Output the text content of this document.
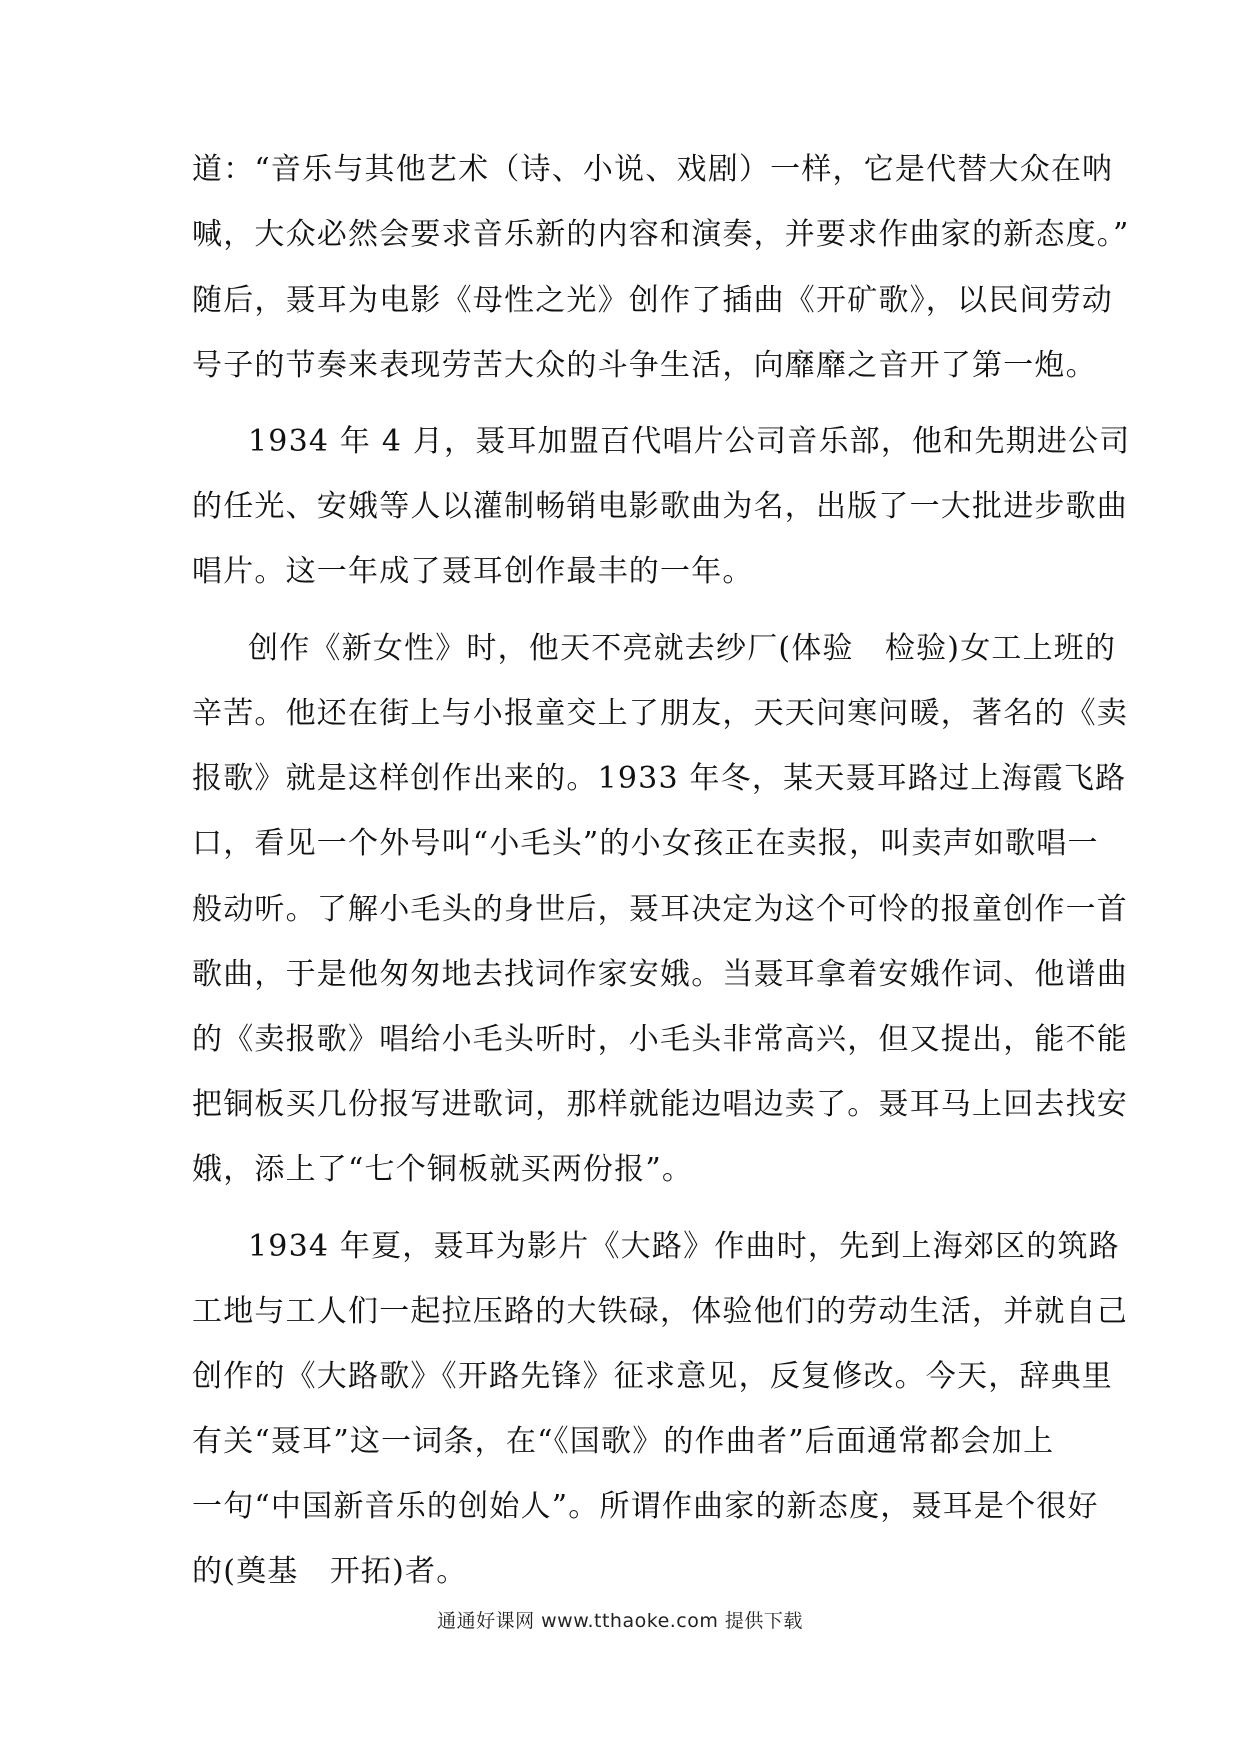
道：“音乐与其他艺术（诗、小说、戏剧）一样，它是代替大众在呐
喊，大众必然会要求音乐新的内容和演奏，并要求作曲家的新态度。”
随后，聂耳为电影《母性之光》创作了插曲《开矿歌》，以民间劳动
号子的节奏来表现劳苦大众的斗争生活，向靡靡之音开了第一炮。
1934 年 4 月，聂耳加盟百代唱片公司音乐部，他和先期进公司
的任光、安娥等人以灌制畅销电影歌曲为名，出版了一大批进步歌曲
唱片。这一年成了聂耳创作最丰的一年。
创作《新女性》时，他天不亮就去纱厂(体验　检验)女工上班的
辛苦。他还在街上与小报童交上了朋友，天天问寒问暖，著名的《卖
报歌》就是这样创作出来的。1933 年冬，某天聂耳路过上海霞飞路
口，看见一个外号叫“小毛头”的小女孩正在卖报，叫卖声如歌唱一
般动听。了解小毛头的身世后，聂耳决定为这个可怜的报童创作一首
歌曲，于是他匆匆地去找词作家安娥。当聂耳拿着安娥作词、他谱曲
的《卖报歌》唱给小毛头听时，小毛头非常高兴，但又提出，能不能
把铜板买几份报写进歌词，那样就能边唱边卖了。聂耳马上回去找安
娥，添上了“七个铜板就买两份报”。
1934 年夏，聂耳为影片《大路》作曲时，先到上海郊区的筑路
工地与工人们一起拉压路的大铁碌，体验他们的劳动生活，并就自己
创作的《大路歌》《开路先锋》征求意见，反复修改。今天，辞典里
有关“聂耳”这一词条，在“《国歌》的作曲者”后面通常都会加上
一句“中国新音乐的创始人”。所谓作曲家的新态度，聂耳是个很好
的(奠基　开拓)者。
通通好课网 www.tthaoke.com 提供下载
